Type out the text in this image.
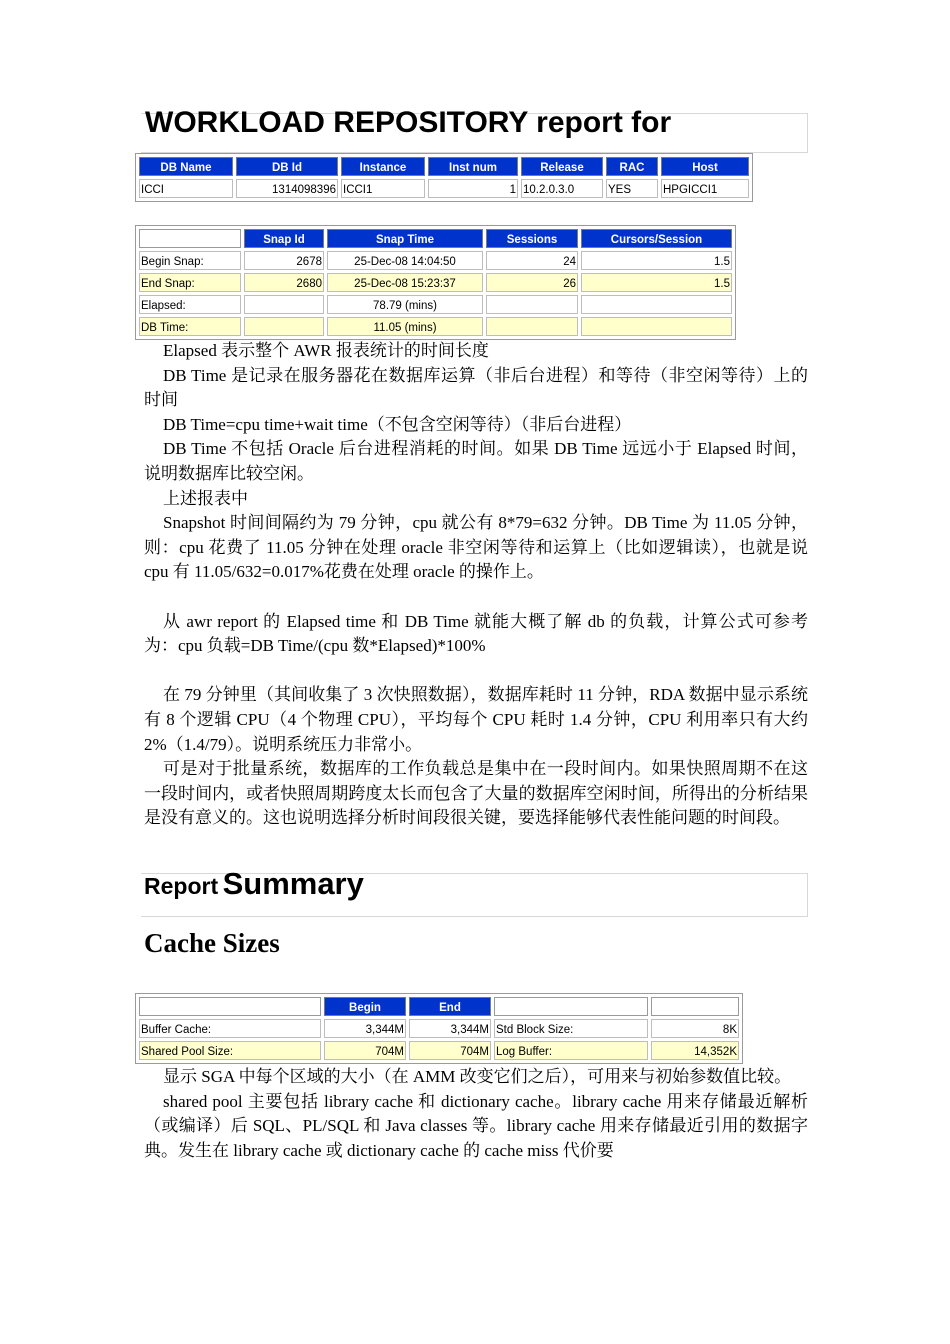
WORKLOAD REPOSITORY report for
DB Name	DB Id	Instance	Inst num	Release	RAC	Host
ICCI	1314098396	ICCI1	1	10.2.0.3.0	YES	HPGICCI1
	Snap Id	Snap Time	Sessions	Cursors/Session
Begin Snap:	2678	25-Dec-08 14:04:50	24	1.5
End Snap:	2680	25-Dec-08 15:23:37	26	1.5
Elapsed:		78.79 (mins)		
DB Time:		11.05 (mins)		

Elapsed 表示整个 AWR 报表统计的时间长度

DB Time 是记录在服务器花在数据库运算（非后台进程）和等待（非空闲等待）上的时间

DB Time=cpu time+wait time（不包含空闲等待）（非后台进程）

DB Time 不包括 Oracle 后台进程消耗的时间。如果 DB Time 远远小于 Elapsed 时间，说明数据库比较空闲。

上述报表中

Snapshot 时间间隔约为 79 分钟，cpu 就公有 8*79=632 分钟。DB Time 为 11.05 分钟，则：cpu 花费了 11.05 分钟在处理 oracle 非空闲等待和运算上（比如逻辑读），也就是说 cpu 有 11.05/632=0.017%花费在处理 oracle 的操作上。

从 awr report 的 Elapsed time 和 DB Time 就能大概了解 db 的负载，计算公式可参考为：cpu 负载=DB Time/(cpu 数*Elapsed)*100%

在 79 分钟里（其间收集了 3 次快照数据），数据库耗时 11 分钟，RDA 数据中显示系统有 8 个逻辑 CPU（4 个物理 CPU），平均每个 CPU 耗时 1.4 分钟，CPU 利用率只有大约 2%（1.4/79）。说明系统压力非常小。

可是对于批量系统，数据库的工作负载总是集中在一段时间内。如果快照周期不在这一段时间内，或者快照周期跨度太长而包含了大量的数据库空闲时间，所得出的分析结果是没有意义的。这也说明选择分析时间段很关键，要选择能够代表性能问题的时间段。

Report Summary
Cache Sizes
	Begin	End		
Buffer Cache:	3,344M	3,344M	Std Block Size:	8K
Shared Pool Size:	704M	704M	Log Buffer:	14,352K

显示 SGA 中每个区域的大小（在 AMM 改变它们之后），可用来与初始参数值比较。

shared pool 主要包括 library cache 和 dictionary cache。library cache 用来存储最近解析（或编译）后 SQL、PL/SQL 和 Java classes 等。library cache 用来存储最近引用的数据字典。发生在 library cache 或 dictionary cache 的 cache miss 代价要
